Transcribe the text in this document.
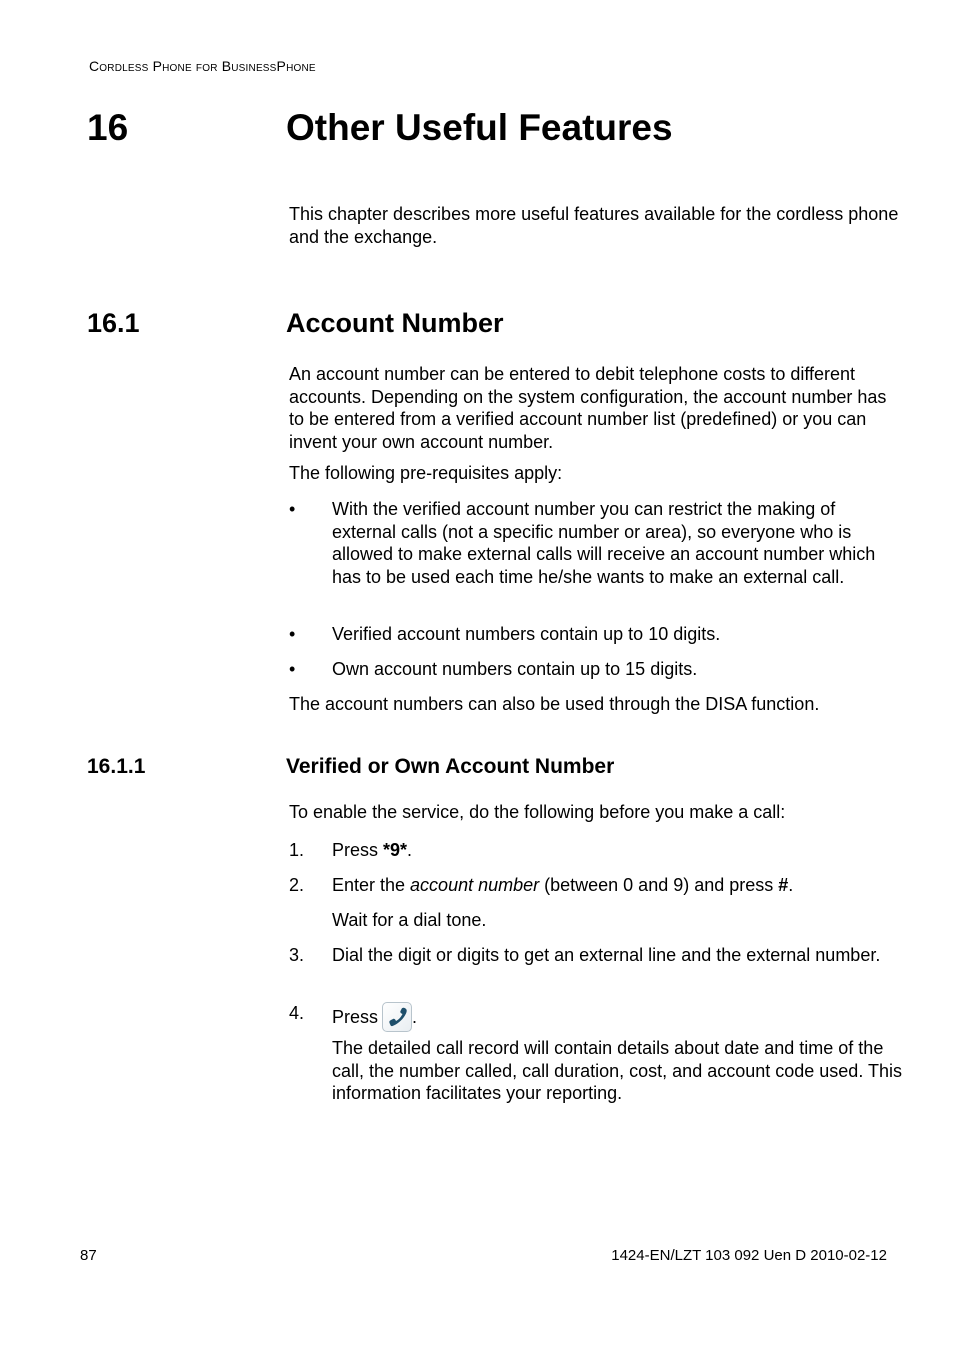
Cordless Phone for BusinessPhone
16	Other Useful Features

This chapter describes more useful features available for the cordless phone and the exchange.

16.1	Account Number

An account number can be entered to debit telephone costs to different accounts. Depending on the system configuration, the account number has to be entered from a verified account number list (predefined) or you can invent your own account number.

The following pre-requisites apply:

• With the verified account number you can restrict the making of external calls (not a specific number or area), so everyone who is allowed to make external calls will receive an account number which has to be used each time he/she wants to make an external call.

• Verified account numbers contain up to 10 digits.

• Own account numbers contain up to 15 digits.

The account numbers can also be used through the DISA function.

16.1.1	Verified or Own Account Number

To enable the service, do the following before you make a call:

1. Press *9*.

2. Enter the account number (between 0 and 9) and press #.

Wait for a dial tone.

3. Dial the digit or digits to get an external line and the external number.

4. Press .

The detailed call record will contain details about date and time of the call, the number called, call duration, cost, and account code used. This information facilitates your reporting.

87	1424-EN/LZT 103 092 Uen D 2010-02-12
